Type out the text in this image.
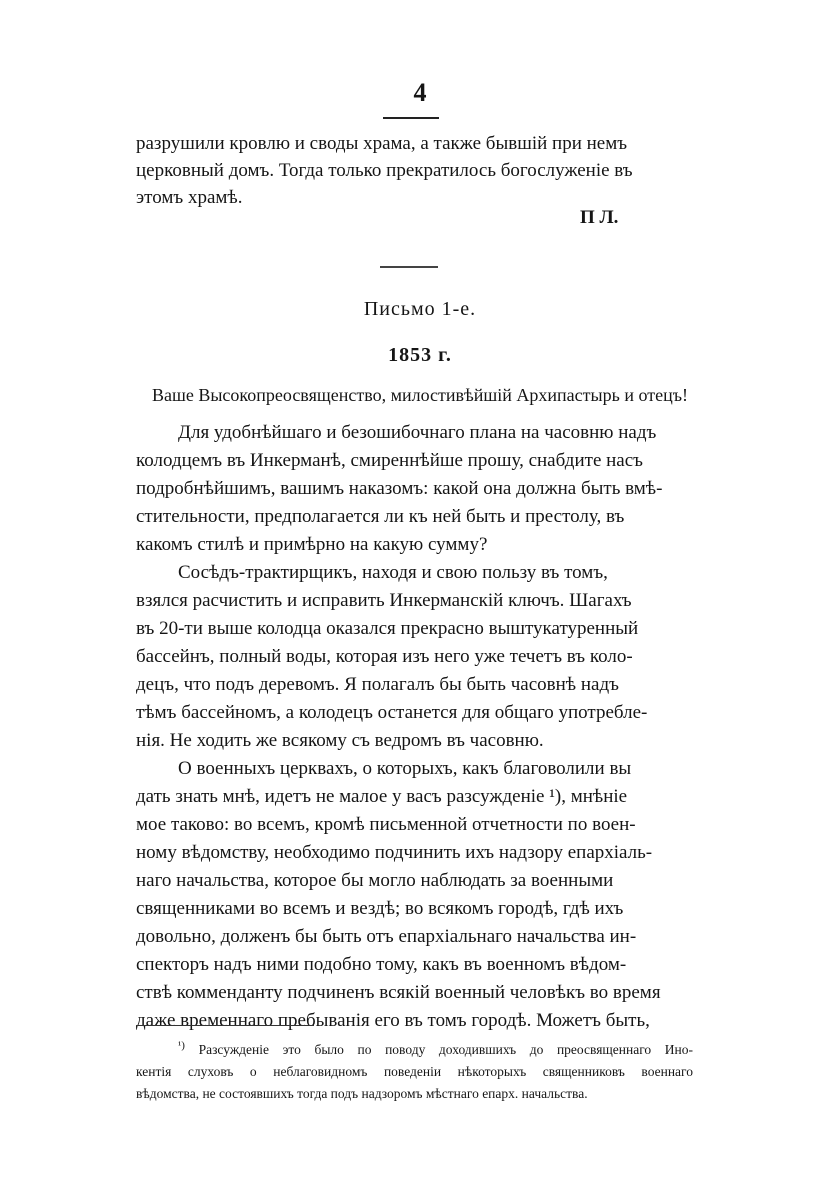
4
разрушили кровлю и своды храма, а также бывшій при немъ
церковный домъ. Тогда только прекратилось богослуженіе въ
этомъ храмѣ.
П Л.
Письмо 1-е.
1853 г.
Ваше Высокопреосвященство, милостивѣйшій Архипастырь и отецъ!
Для удобнѣйшаго и безошибочнаго плана на часовню надъ
колодцемъ въ Инкерманѣ, смиреннѣйше прошу, снабдите насъ
подробнѣйшимъ, вашимъ наказомъ: какой она должна быть вмѣ-
стительности, предполагается ли къ ней быть и престолу, въ
какомъ стилѣ и примѣрно на какую сумму?
Сосѣдъ-трактирщикъ, находя и свою пользу въ томъ,
взялся расчистить и исправить Инкерманскій ключъ. Шагахъ
въ 20-ти выше колодца оказался прекрасно выштукатуренный
бассейнъ, полный воды, которая изъ него уже течетъ въ коло-
децъ, что подъ деревомъ. Я полагалъ бы быть часовнѣ надъ
тѣмъ бассейномъ, а колодецъ останется для общаго употребле-
нія. Не ходить же всякому съ ведромъ въ часовню.
О военныхъ церквахъ, о которыхъ, какъ благоволили вы
дать знать мнѣ, идетъ не малое у васъ разсужденіе ¹), мнѣніе
мое таково: во всемъ, кромѣ письменной отчетности по воен-
ному вѣдомству, необходимо подчинить ихъ надзору епархіаль-
наго начальства, которое бы могло наблюдать за военными
священниками во всемъ и вездѣ; во всякомъ городѣ, гдѣ ихъ
довольно, долженъ бы быть отъ епархіальнаго начальства ин-
спекторъ надъ ними подобно тому, какъ въ военномъ вѣдом-
ствѣ комменданту подчиненъ всякій военный человѣкъ во время
даже временнаго пребыванія его въ томъ городѣ. Можетъ быть,
$^{^1)}$ Разсужденіе это было по поводу доходившихъ до преосвященнаго Ино-
кентія слуховъ о неблаговидномъ поведеніи нѣкоторыхъ священниковъ военнаго
вѣдомства, не состоявшихъ тогда подъ надзоромъ мѣстнаго епарх. начальства.
